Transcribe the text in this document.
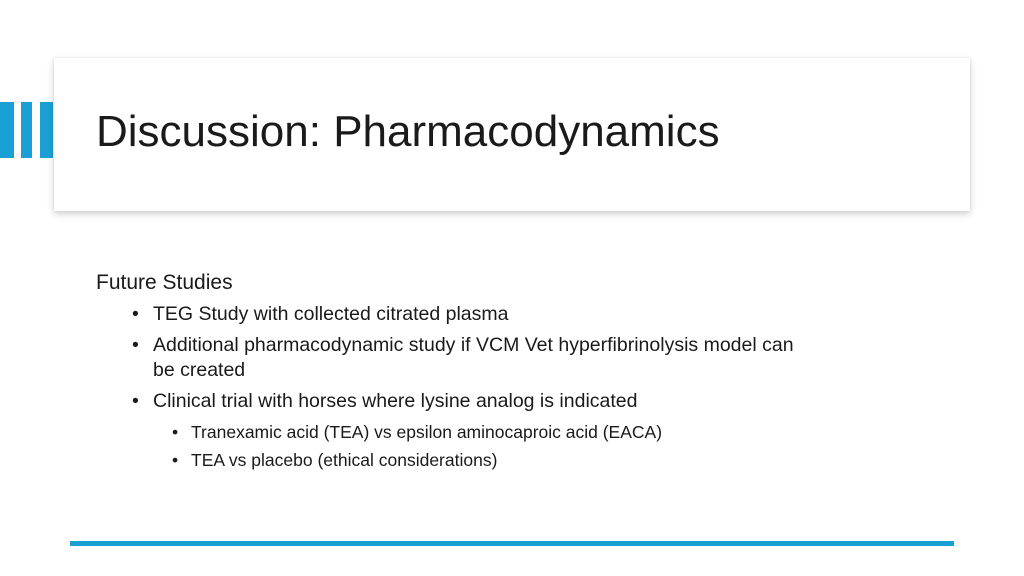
Discussion: Pharmacodynamics

Future Studies

• TEG Study with collected citrated plasma
• Additional pharmacodynamic study if VCM Vet hyperfibrinolysis model can be created
• Clinical trial with horses where lysine analog is indicated
• Tranexamic acid (TEA) vs epsilon aminocaproic acid (EACA)
• TEA vs placebo (ethical considerations)
